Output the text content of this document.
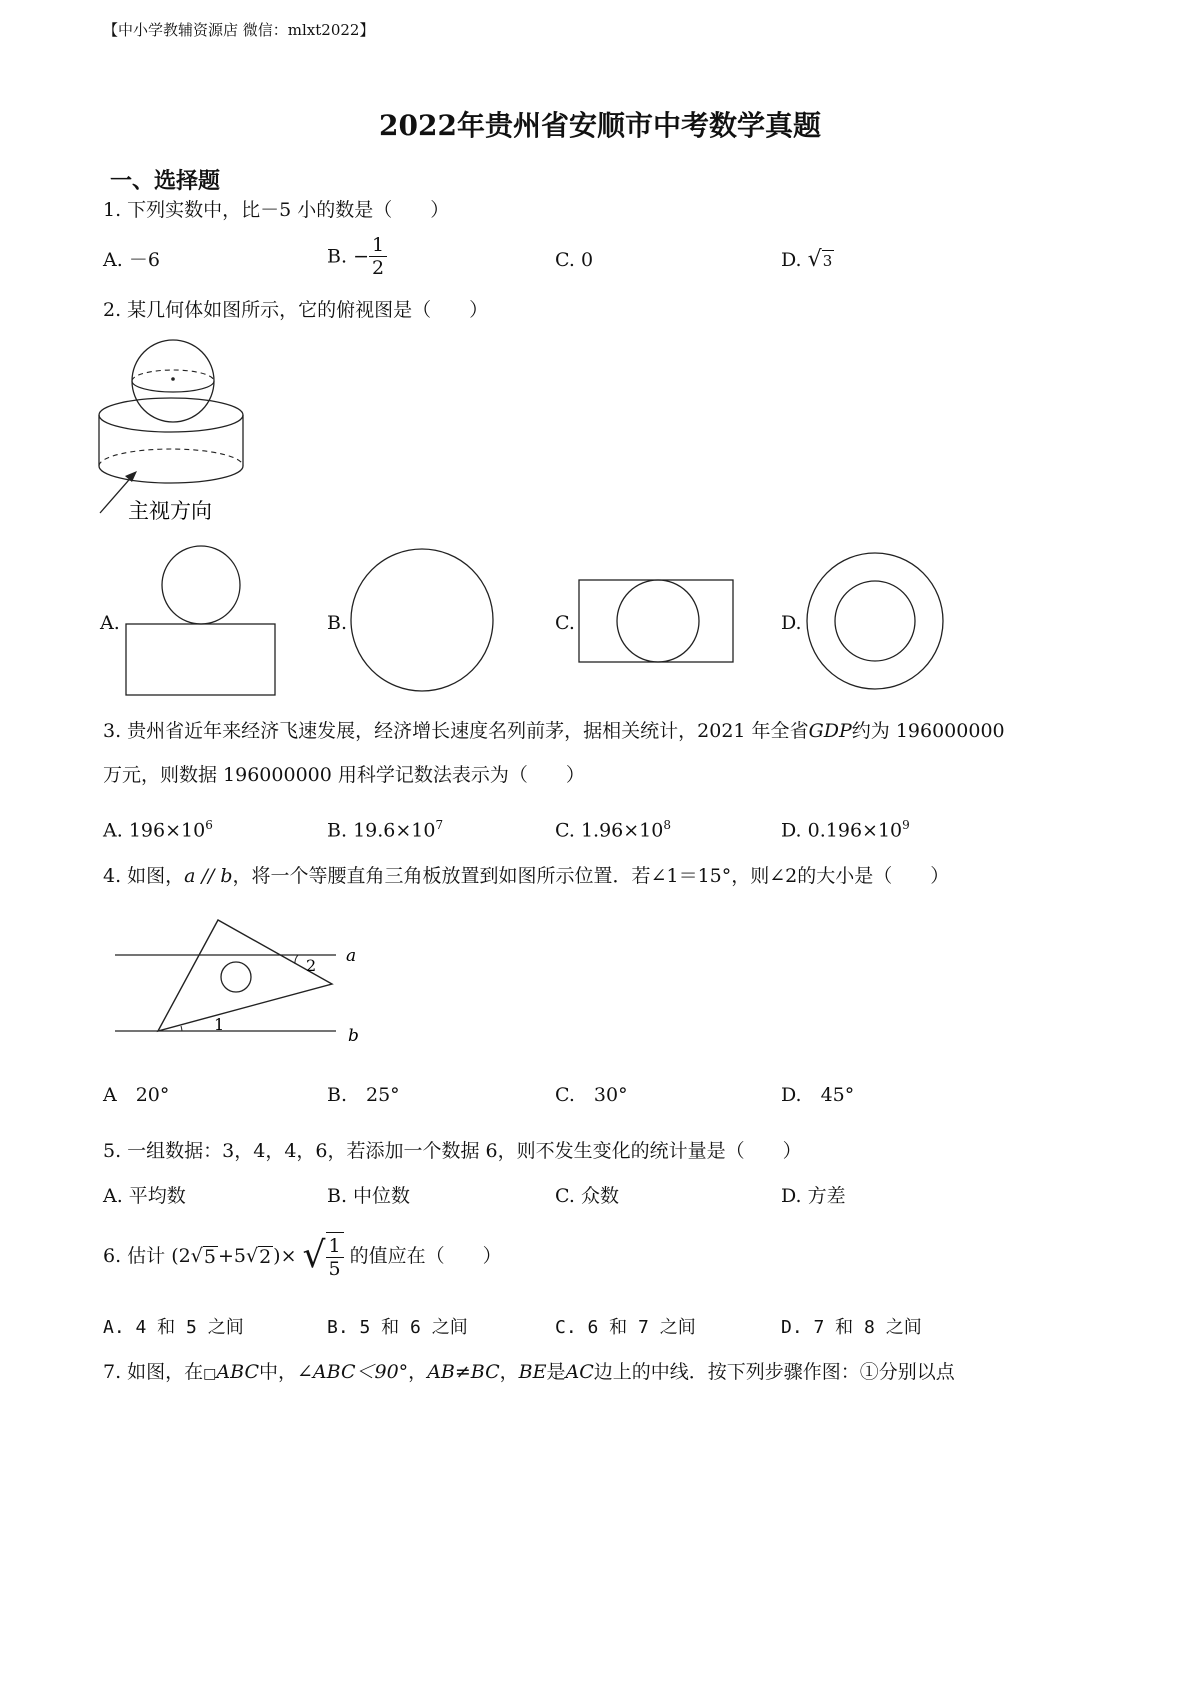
【中小学教辅资源店 微信：mlxt2022】
2022年贵州省安顺市中考数学真题
一、选择题
1. 下列实数中，比－5 小的数是（　　）
A. －6	B. − $\frac{1}{2}$	C. 0	D. √3
2. 某几何体如图所示，它的俯视图是（　　）
主视方向
A.	B.	C.	D.
3. 贵州省近年来经济飞速发展，经济增长速度名列前茅，据相关统计，2021 年全省GDP约为 196000000
万元，则数据 196000000 用科学记数法表示为（　　）
A. $196\times 10^6$	B. $19.6\times 10^7$	C. $1.96\times 10^8$	D. $0.196\times 10^9$
4. 如图，a // b，将一个等腰直角三角板放置到如图所示位置．若∠1＝15°，则∠2的大小是（　　）
a
b
1
2
A　20°	B.　25°	C.　30°	D.　45°
5. 一组数据：3，4，4，6，若添加一个数据 6，则不发生变化的统计量是（　　）
A. 平均数	B. 中位数	C. 众数	D. 方差
6. 估计 (2√5 +5√2 )× √ $\frac{1}{5}$ 的值应在（　　）
A. 4 和 5 之间	B. 5 和 6 之间	C. 6 和 7 之间	D. 7 和 8 之间
7. 如图，在□ABC中，∠ABC＜90°，AB≠BC，BE是AC边上的中线．按下列步骤作图：①分别以点
